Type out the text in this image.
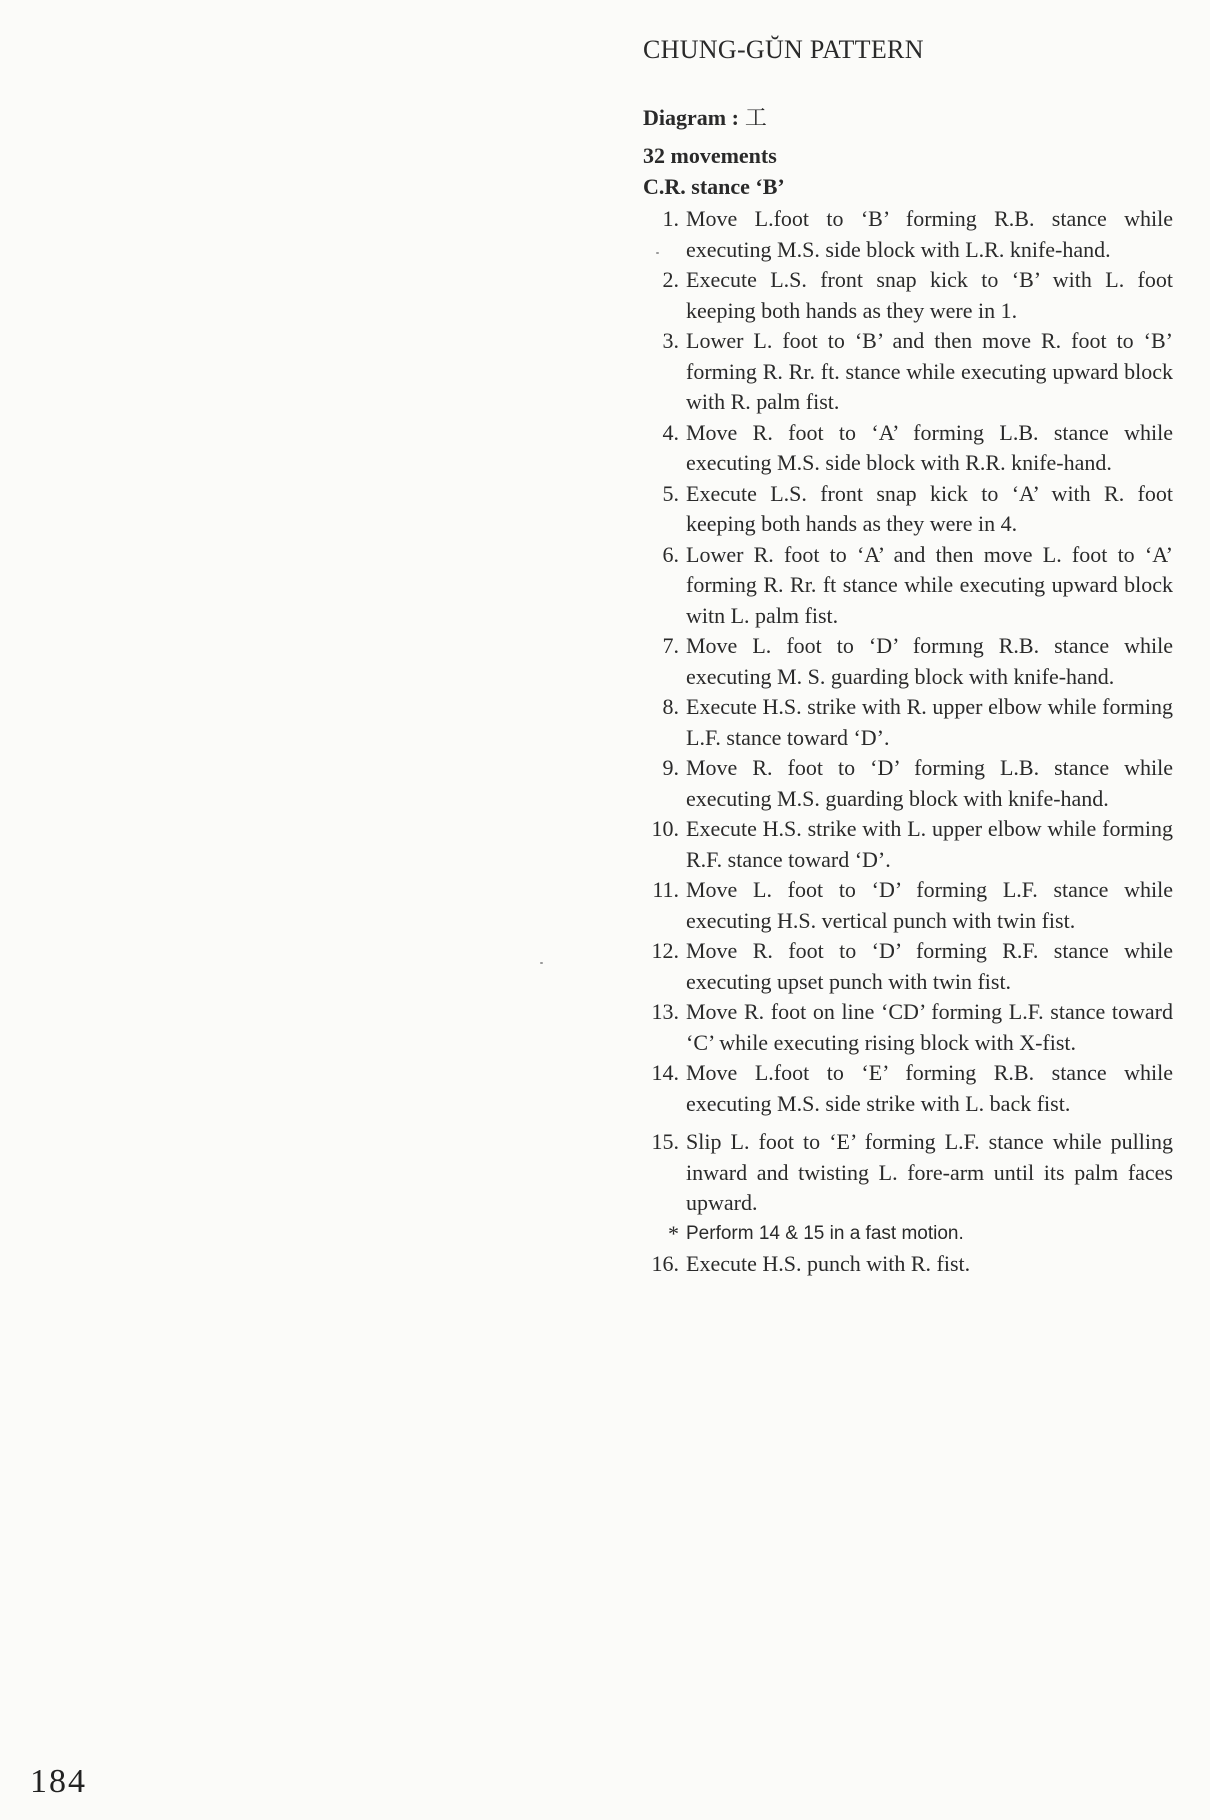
CHUNG-GŬN PATTERN
Diagram : 工
32 movements
C.R. stance ‘B’
1. Move L.foot to ‘B’ forming R.B. stance while executing M.S. side block with L.R. knife-hand.
2. Execute L.S. front snap kick to ‘B’ with L. foot keeping both hands as they were in 1.
3. Lower L. foot to ‘B’ and then move R. foot to ‘B’ forming R. Rr. ft. stance while executing upward block with R. palm fist.
4. Move R. foot to ‘A’ forming L.B. stance while executing M.S. side block with R.R. knife-hand.
5. Execute L.S. front snap kick to ‘A’ with R. foot keeping both hands as they were in 4.
6. Lower R. foot to ‘A’ and then move L. foot to ‘A’ forming R. Rr. ft stance while executing upward block witn L. palm fist.
7. Move L. foot to ‘D’ formıng R.B. stance while executing M. S. guarding block with knife-hand.
8. Execute H.S. strike with R. upper elbow while forming L.F. stance toward ‘D’.
9. Move R. foot to ‘D’ forming L.B. stance while executing M.S. guarding block with knife-hand.
10. Execute H.S. strike with L. upper elbow while forming R.F. stance toward ‘D’.
11. Move L. foot to ‘D’ forming L.F. stance while executing H.S. vertical punch with twin fist.
12. Move R. foot to ‘D’ forming R.F. stance while executing upset punch with twin fist.
13. Move R. foot on line ‘CD’ forming L.F. stance toward ‘C’ while executing rising block with X-fist.
14. Move L.foot to ‘E’ forming R.B. stance while executing M.S. side strike with L. back fist.
15. Slip L. foot to ‘E’ forming L.F. stance while pulling inward and twisting L. fore-arm until its palm faces upward.
* Perform 14 & 15 in a fast motion.
16. Execute H.S. punch with R. fist.
184
